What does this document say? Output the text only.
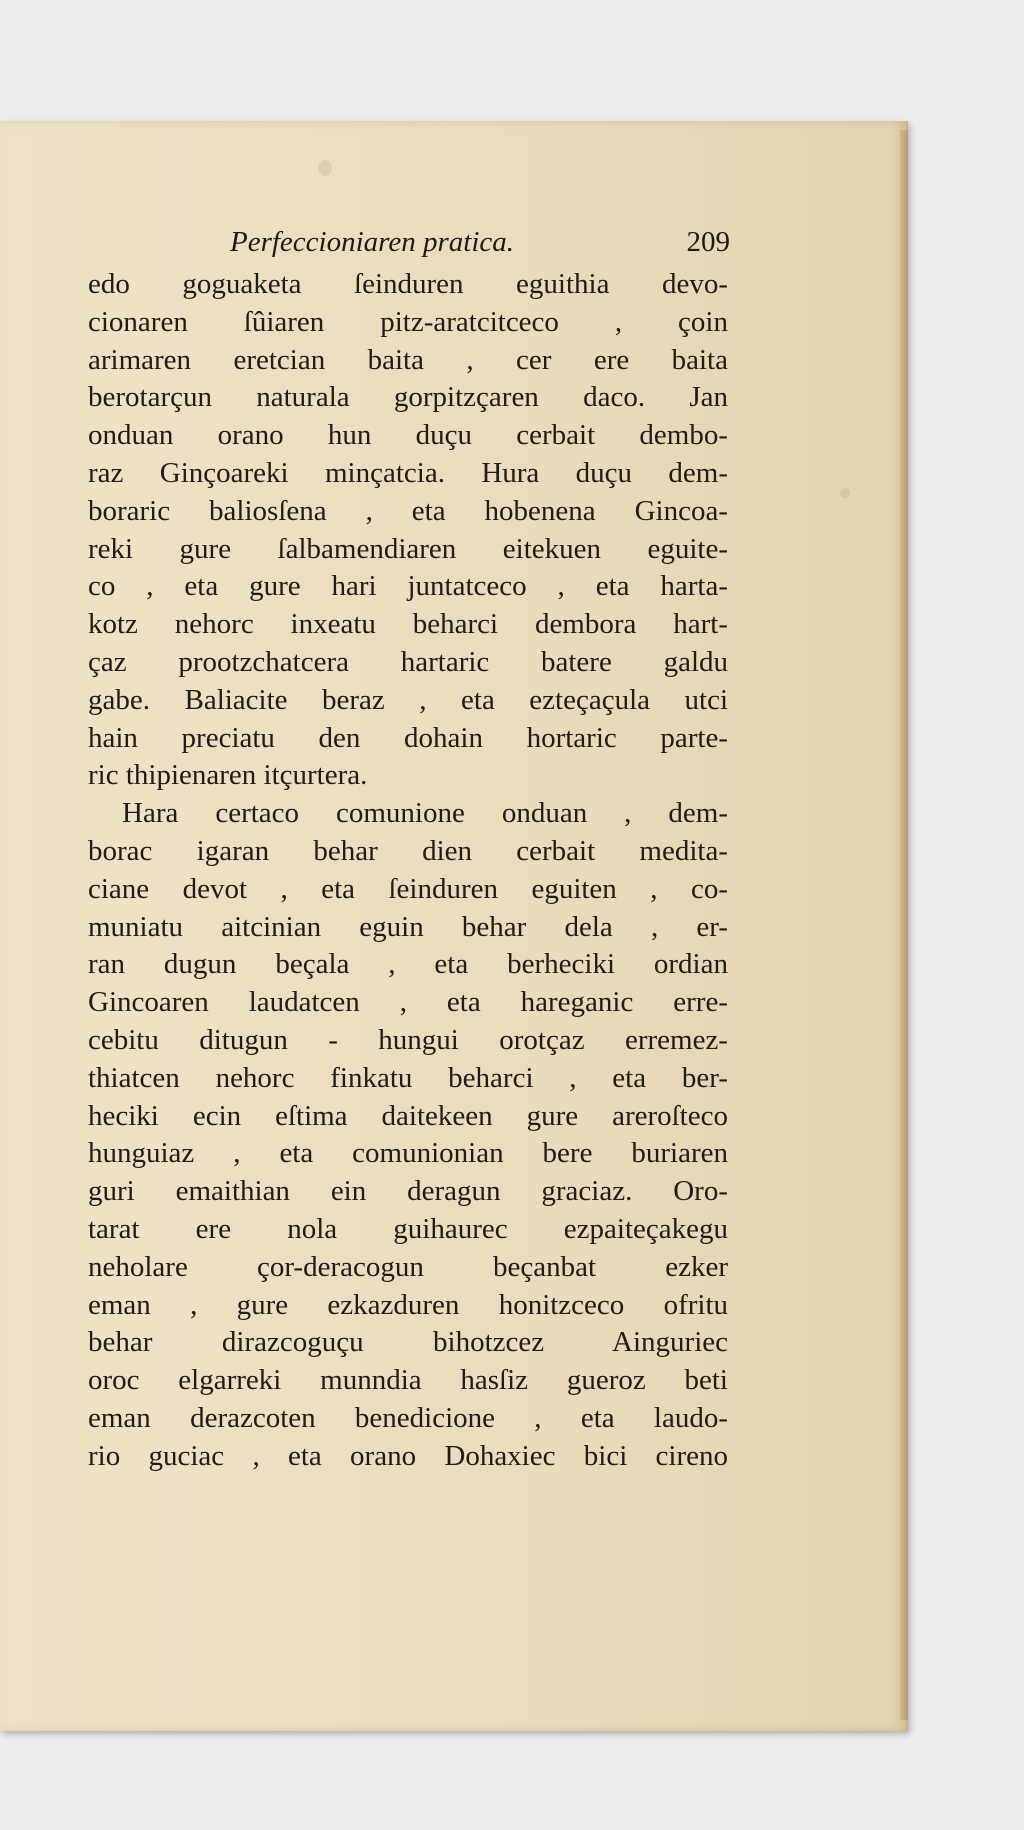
Perfeccioniaren pratica.	209
edo goguaketa ſeinduren eguithia devo-
cionaren ſûiaren pitz-aratcitceco , çoin
arimaren eretcian baita , cer ere baita
berotarçun naturala gorpitzçaren daco. Jan
onduan orano hun duçu cerbait dembo-
raz Ginçoareki minçatcia. Hura duçu dem-
boraric baliosſena , eta hobenena Gincoa-
reki gure ſalbamendiaren eitekuen eguite-
co , eta gure hari juntatceco , eta harta-
kotz nehorc inxeatu beharci dembora hart-
çaz prootzchatcera hartaric batere galdu
gabe. Baliacite beraz , eta ezteçaçula utci
hain preciatu den dohain hortaric parte-
ric thipienaren itçurtera.
Hara certaco comunione onduan , dem-
borac igaran behar dien cerbait medita-
ciane devot , eta ſeinduren eguiten , co-
muniatu aitcinian eguin behar dela , er-
ran dugun beçala , eta berheciki ordian
Gincoaren laudatcen , eta hareganic erre-
cebitu ditugun - hungui orotçaz erremez-
thiatcen nehorc finkatu beharci , eta ber-
heciki ecin eſtima daitekeen gure areroſteco
hunguiaz , eta comunionian bere buriaren
guri emaithian ein deragun graciaz. Oro-
tarat ere nola guihaurec ezpaiteçakegu
neholare çor-deracogun beçanbat ezker
eman , gure ezkazduren honitzceco ofritu
behar dirazcoguçu bihotzcez Ainguriec
oroc elgarreki munndia hasſiz gueroz beti
eman derazcoten benedicione , eta laudo-
rio guciac , eta orano Dohaxiec bici cireno
